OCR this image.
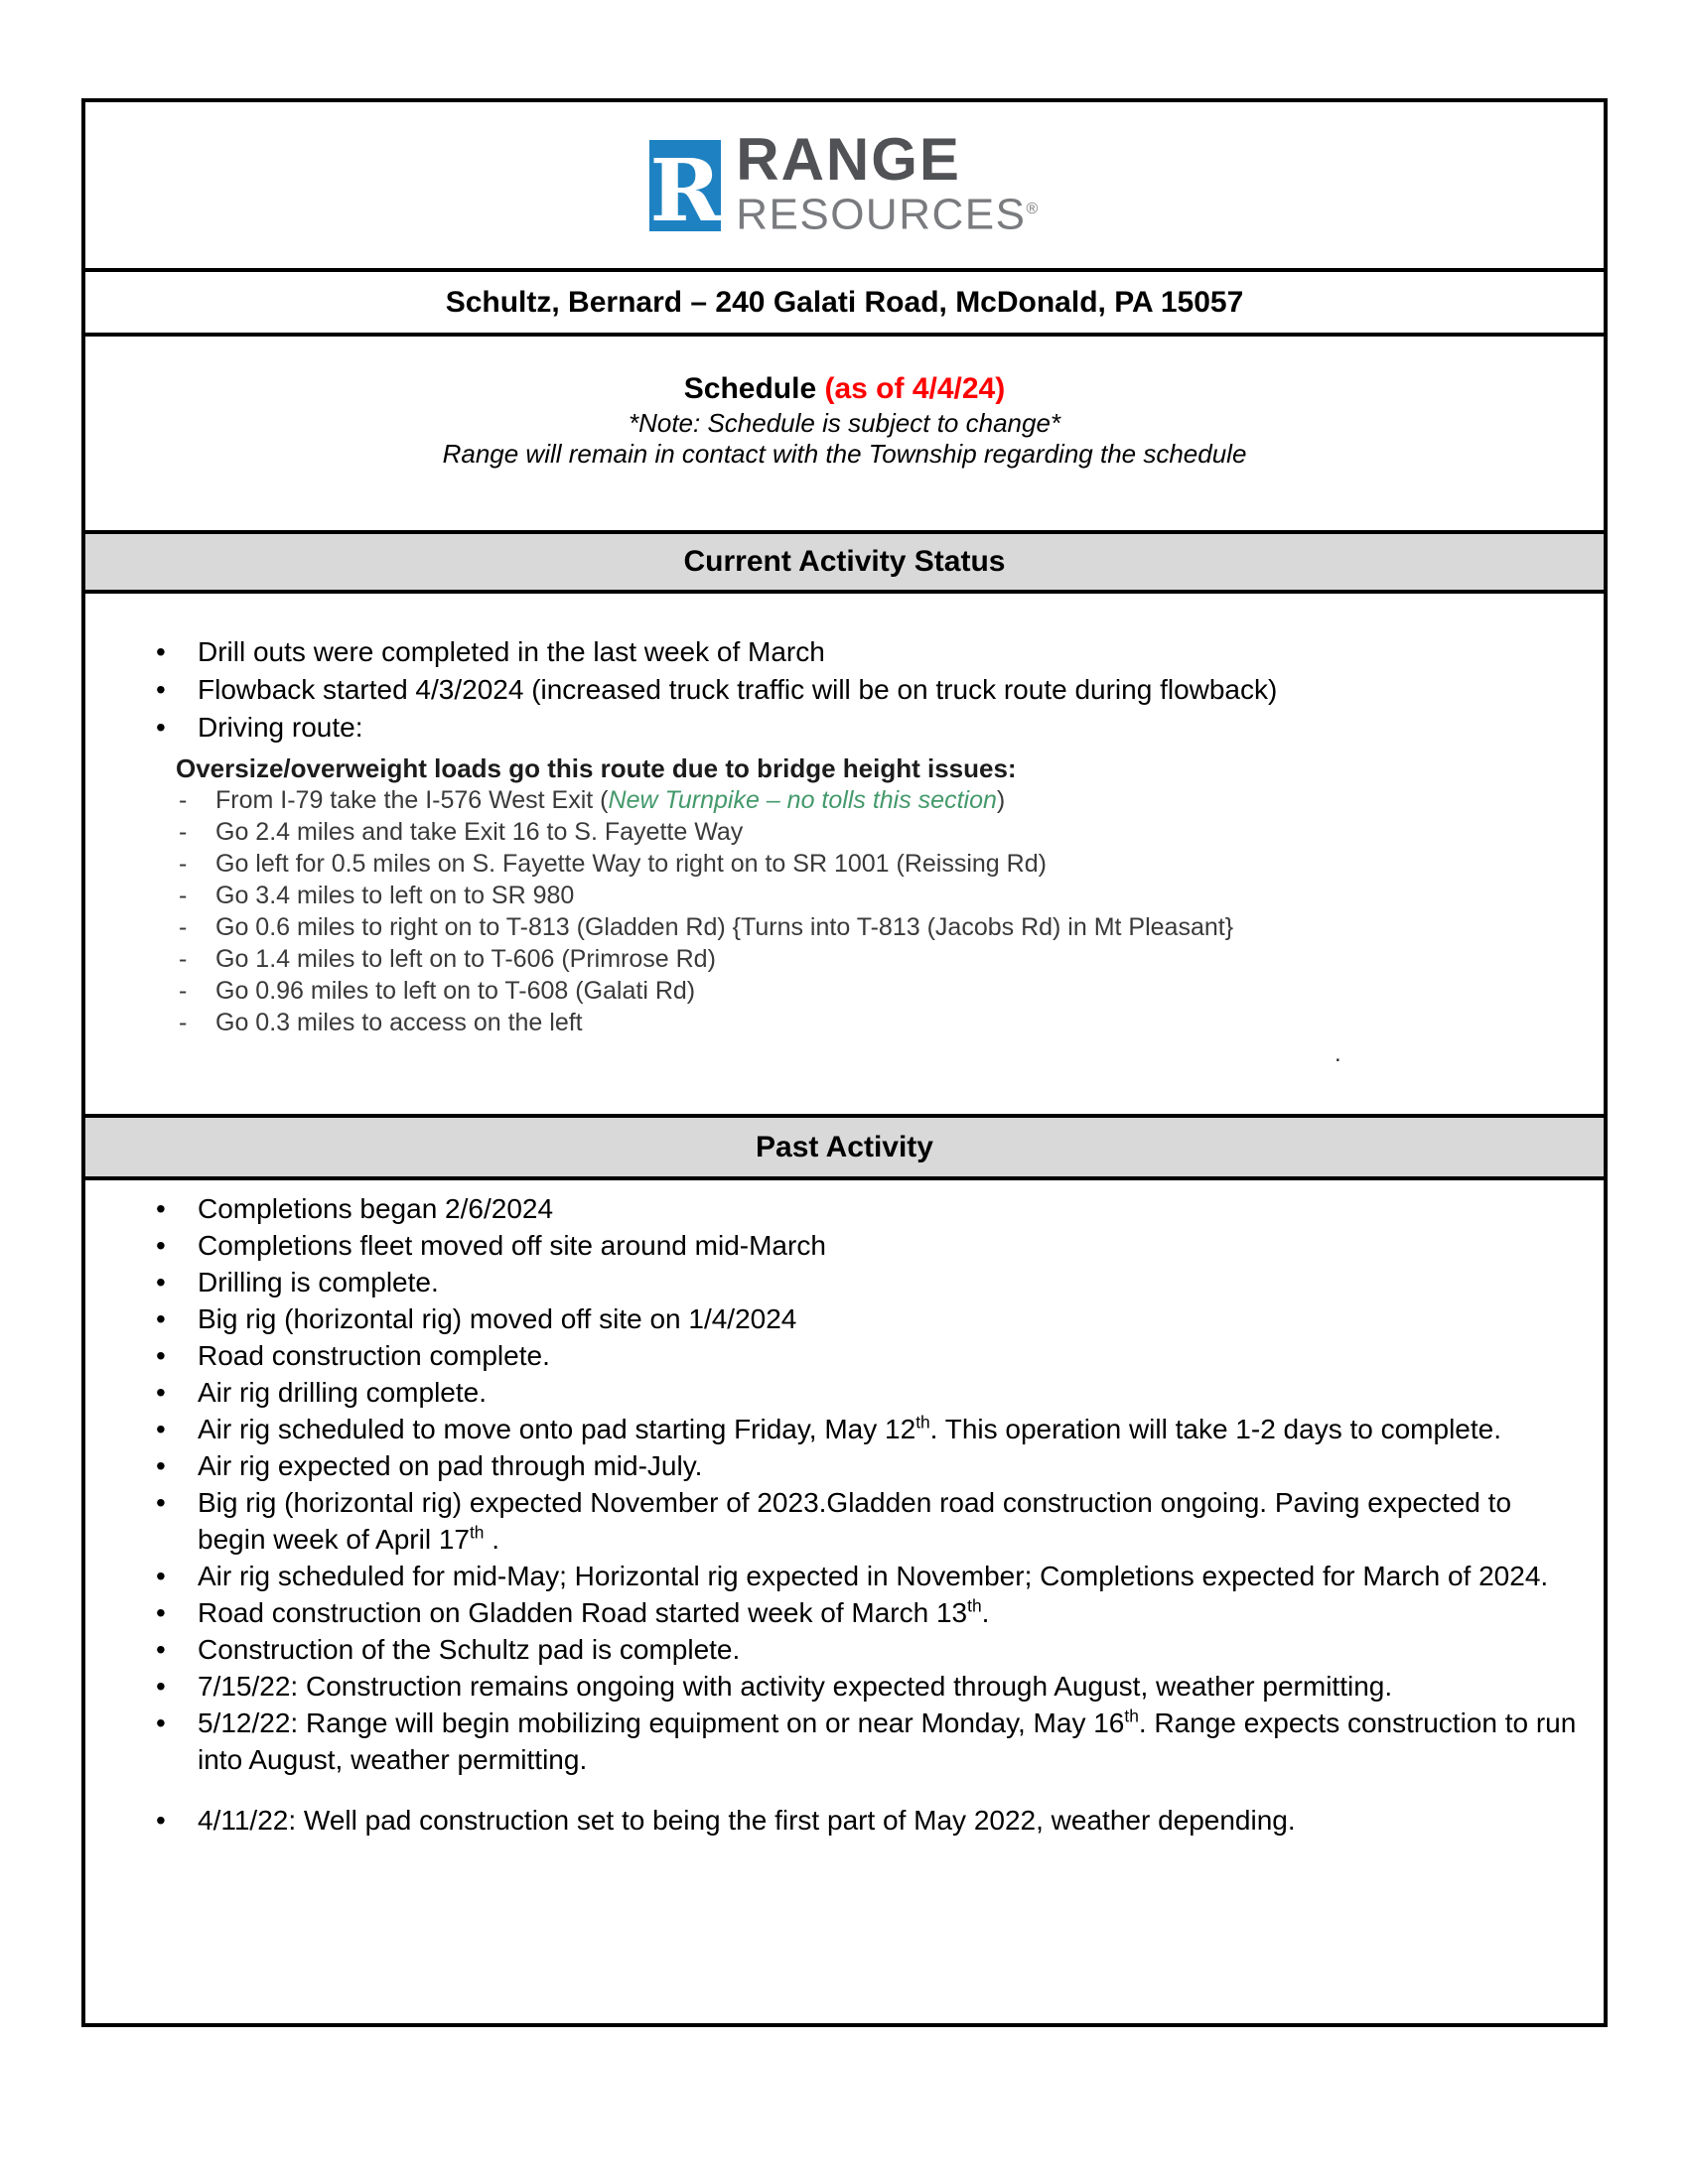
R RANGE
RESOURCES®
Schultz, Bernard – 240 Galati Road, McDonald, PA 15057
Schedule (as of 4/4/24)
*Note: Schedule is subject to change*
Range will remain in contact with the Township regarding the schedule
Current Activity Status
• Drill outs were completed in the last week of March
• Flowback started 4/3/2024 (increased truck traffic will be on truck route during flowback)
• Driving route:
Oversize/overweight loads go this route due to bridge height issues:
- From I-79 take the I-576 West Exit (New Turnpike – no tolls this section)
- Go 2.4 miles and take Exit 16 to S. Fayette Way
- Go left for 0.5 miles on S. Fayette Way to right on to SR 1001 (Reissing Rd)
- Go 3.4 miles to left on to SR 980
- Go 0.6 miles to right on to T-813 (Gladden Rd) {Turns into T-813 (Jacobs Rd) in Mt Pleasant}
- Go 1.4 miles to left on to T-606 (Primrose Rd)
- Go 0.96 miles to left on to T-608 (Galati Rd)
- Go 0.3 miles to access on the left
Past Activity
• Completions began 2/6/2024
• Completions fleet moved off site around mid-March
• Drilling is complete.
• Big rig (horizontal rig) moved off site on 1/4/2024
• Road construction complete.
• Air rig drilling complete.
• Air rig scheduled to move onto pad starting Friday, May 12th. This operation will take 1-2 days to complete.
• Air rig expected on pad through mid-July.
• Big rig (horizontal rig) expected November of 2023.Gladden road construction ongoing. Paving expected to begin week of April 17th .
• Air rig scheduled for mid-May; Horizontal rig expected in November; Completions expected for March of 2024.
• Road construction on Gladden Road started week of March 13th.
• Construction of the Schultz pad is complete.
• 7/15/22: Construction remains ongoing with activity expected through August, weather permitting.
• 5/12/22: Range will begin mobilizing equipment on or near Monday, May 16th. Range expects construction to run into August, weather permitting.
• 4/11/22: Well pad construction set to being the first part of May 2022, weather depending.
.
